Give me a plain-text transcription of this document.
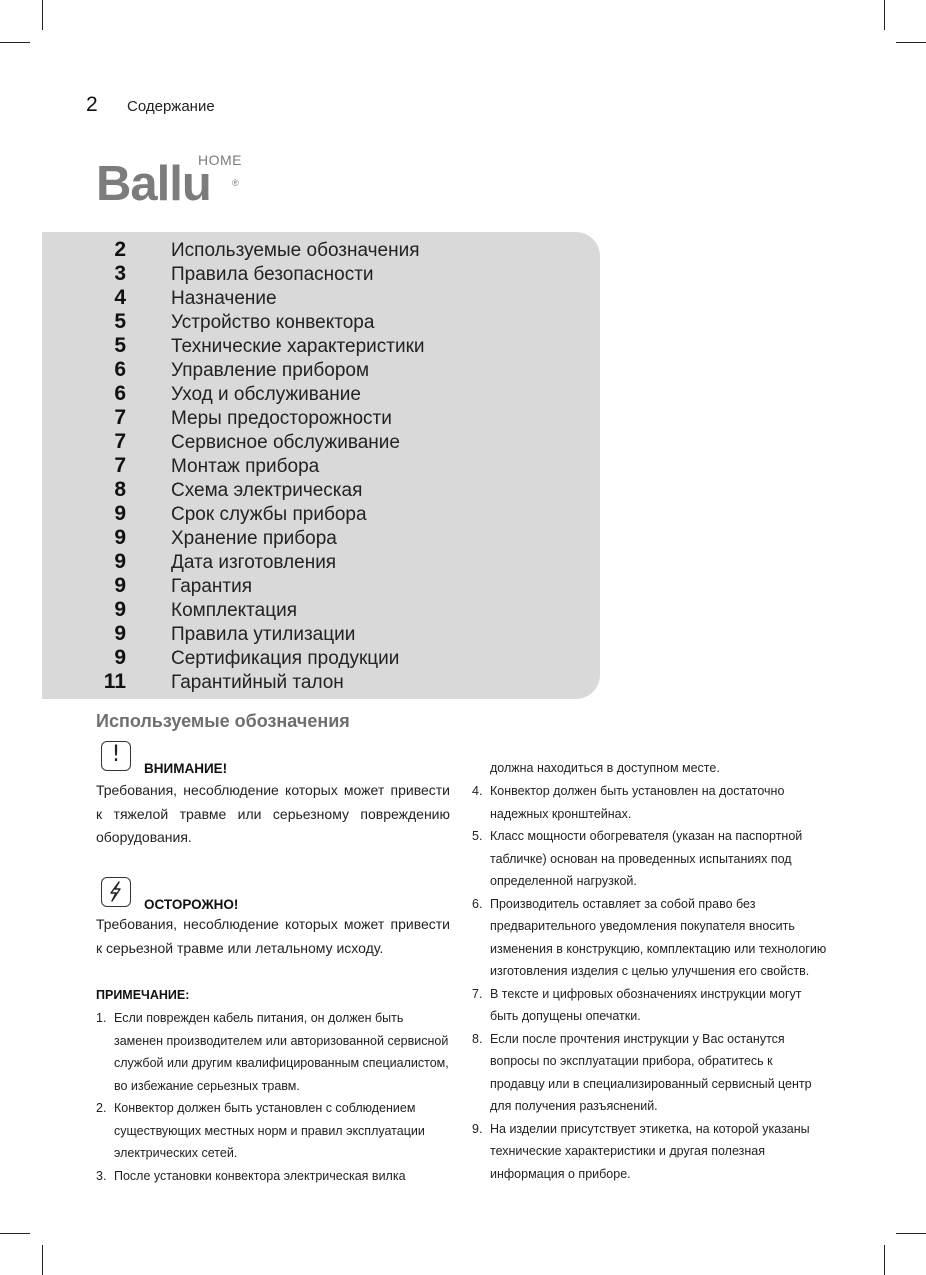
2 Содержание
Ballu
HOME
®
2 Используемые обозначения
3 Правила безопасности
4 Назначение
5 Устройство конвектора
5 Технические характеристики
6 Управление прибором
6 Уход и обслуживание
7 Меры предосторожности
7 Сервисное обслуживание
7 Монтаж прибора
8 Схема электрическая
9 Срок службы прибора
9 Хранение прибора
9 Дата изготовления
9 Гарантия
9 Комплектация
9 Правила утилизации
9 Сертификация продукции
11 Гарантийный талон
Используемые обозначения
!
ВНИМАНИЕ!

Требования, несоблюдение которых может привести к тяжелой травме или серьезному повреждению оборудования.

ОСТОРОЖНО!

Требования, несоблюдение которых может привести к серьезной травме или летальному исходу.

ПРИМЕЧАНИЕ:
1. Если поврежден кабель питания, он должен быть заменен производителем или авторизованной сервисной службой или другим квалифицированным специалистом, во избежание серьезных травм.
2. Конвектор должен быть установлен с соблюдением существующих местных норм и правил эксплуатации электрических сетей.
3. После установки конвектора электрическая вилка

должна находиться в доступном месте.

4. Конвектор должен быть установлен на достаточно надежных кронштейнах.
5. Класс мощности обогревателя (указан на паспортной табличке) основан на проведенных испытаниях под определенной нагрузкой.
6. Производитель оставляет за собой право без предварительного уведомления покупателя вносить изменения в конструкцию, комплектацию или технологию изготовления изделия с целью улучшения его свойств.
7. В тексте и цифровых обозначениях инструкции могут быть допущены опечатки.
8. Если после прочтения инструкции у Вас останутся вопросы по эксплуатации прибора, обратитесь к продавцу или в специализированный сервисный центр для получения разъяснений.
9. На изделии присутствует этикетка, на которой указаны технические характеристики и другая полезная информация о приборе.
